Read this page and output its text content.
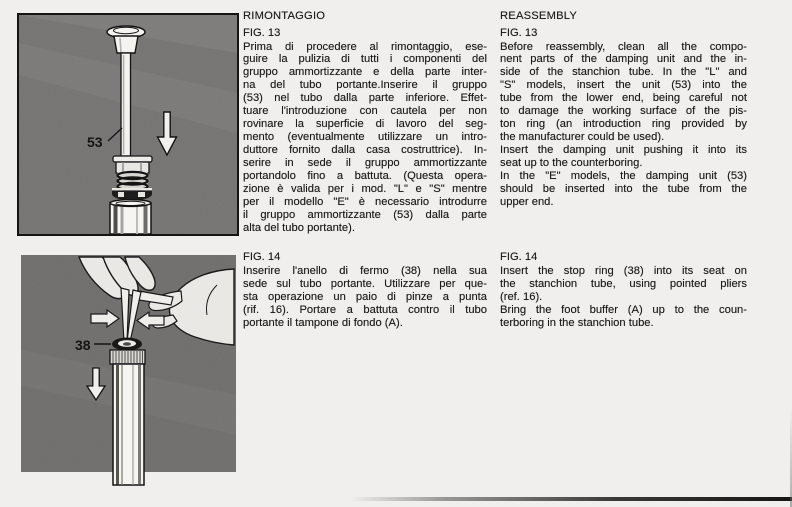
53
38
RIMONTAGGIO
FIG. 13
Prima di procedere al rimontaggio, ese-
guire la pulizia di tutti i componenti del
gruppo ammortizzante e della parte inter-
na del tubo portante.Inserire il gruppo
(53) nel tubo dalla parte inferiore. Effet-
tuare l'introduzione con cautela per non
rovinare la superficie di lavoro del seg-
mento (eventualmente utilizzare un intro-
duttore fornito dalla casa costruttrice). In-
serire in sede il gruppo ammortizzante
portandolo fino a battuta. (Questa opera-
zione è valida per i mod. "L" e "S" mentre
per il modello "E" è necessario introdurre
il gruppo ammortizzante (53) dalla parte
alta del tubo portante).
REASSEMBLY
FIG. 13
Before reassembly, clean all the compo-
nent parts of the damping unit and the in-
side of the stanchion tube. In the "L" and
"S" models, insert the unit (53) into the
tube from the lower end, being careful not
to damage the working surface of the pis-
ton ring (an introduction ring provided by
the manufacturer could be used).
Insert the damping unit pushing it into its
seat up to the counterboring.
In the "E" models, the damping unit (53)
should be inserted into the tube from the
upper end.
FIG. 14
Inserire l'anello di fermo (38) nella sua
sede sul tubo portante. Utilizzare per que-
sta operazione un paio di pinze a punta
(rif. 16). Portare a battuta contro il tubo
portante il tampone di fondo (A).
FIG. 14
Insert the stop ring (38) into its seat on
the stanchion tube, using pointed pliers
(ref. 16).
Bring the foot buffer (A) up to the coun-
terboring in the stanchion tube.
